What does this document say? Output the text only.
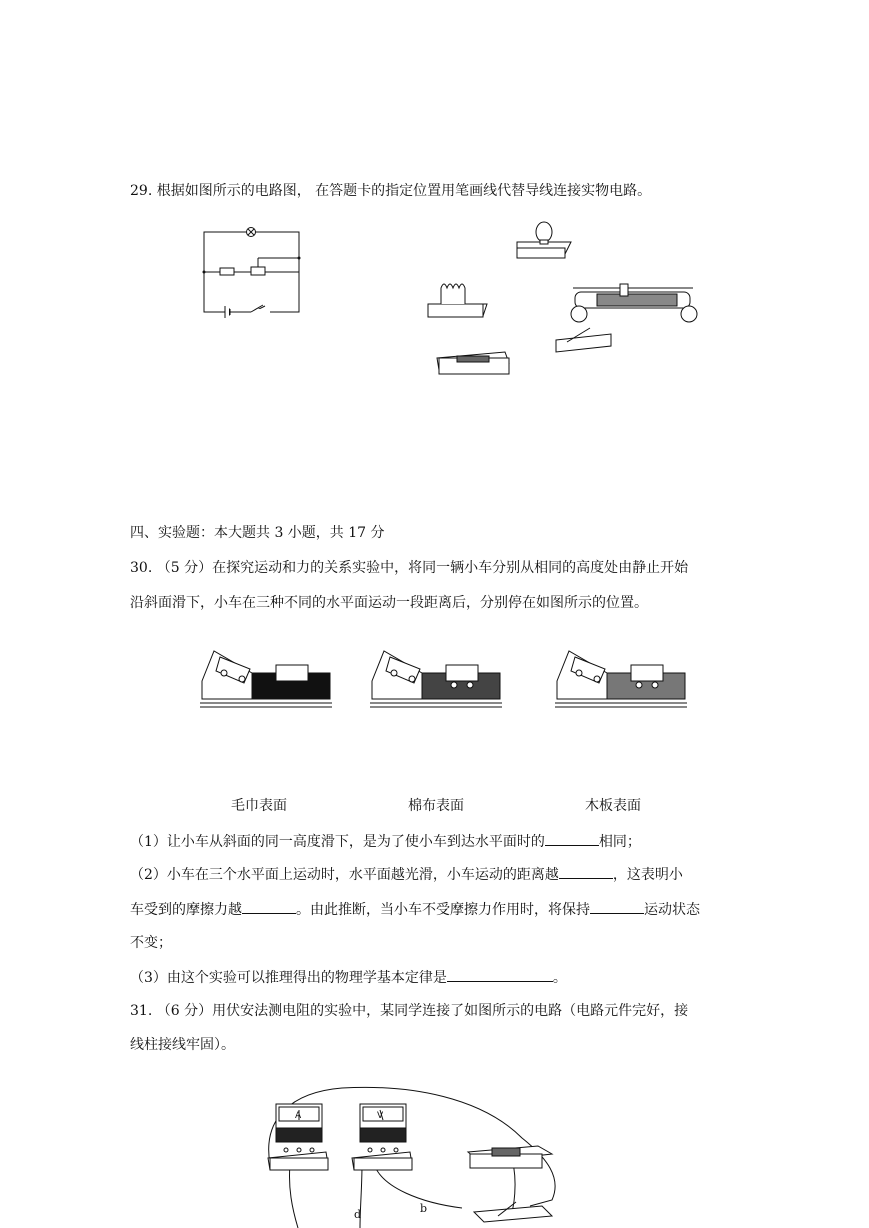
29. 根据如图所示的电路图， 在答题卡的指定位置用笔画线代替导线连接实物电路。
四、实验题：本大题共 3 小题，共 17 分
30. （5 分）在探究运动和力的关系实验中，将同一辆小车分别从相同的高度处由静止开始
沿斜面滑下，小车在三种不同的水平面运动一段距离后，分别停在如图所示的位置。
毛巾表面	棉布表面	木板表面
（1）让小车从斜面的同一高度滑下，是为了使小车到达水平面时的	相同；
（2）小车在三个水平面上运动时，水平面越光滑，小车运动的距离越	，这表明小
车受到的摩擦力越	。由此推断，当小车不受摩擦力作用时，将保持	运动状态
不变；
（3）由这个实验可以推理得出的物理学基本定律是	。
31. （6 分）用伏安法测电阻的实验中，某同学连接了如图所示的电路（电路元件完好，接
线柱接线牢固）。
A	V
d	b
